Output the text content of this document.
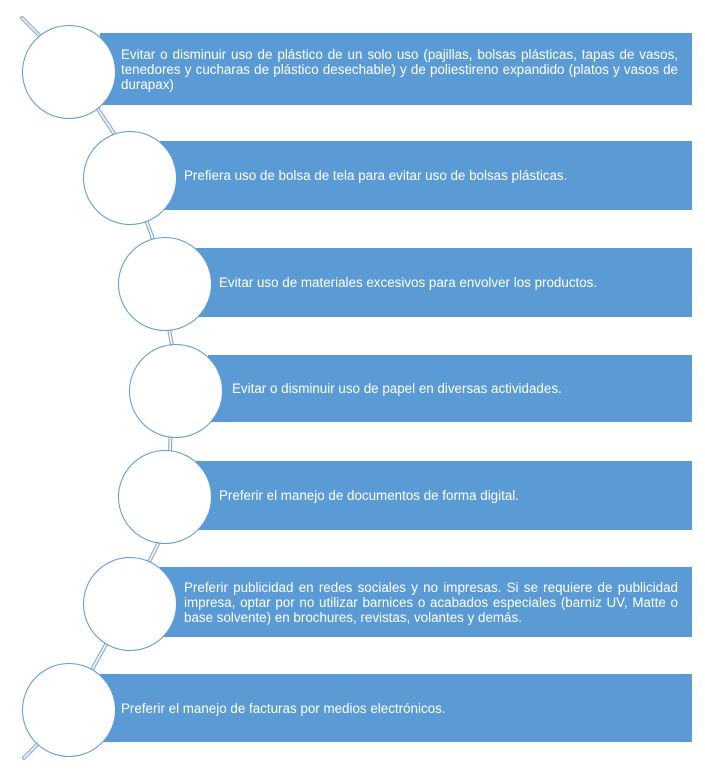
Evitar o disminuir uso de plástico de un solo uso (pajillas, bolsas plásticas, tapas de vasos, tenedores y cucharas de plástico desechable) y de poliestireno expandido (platos y vasos de durapax)
Prefiera uso de bolsa de tela para evitar uso de bolsas plásticas.
Evitar uso de materiales excesivos para envolver los productos.
Evitar o disminuir uso de papel en diversas actividades.
Preferir el manejo de documentos de forma digital.
Preferir publicidad en redes sociales y no impresas. Si se requiere de publicidad impresa, optar por no utilizar barnices o acabados especiales (barniz UV, Matte o base solvente) en brochures, revistas, volantes y demás.
Preferir el manejo de facturas por medios electrónicos.
